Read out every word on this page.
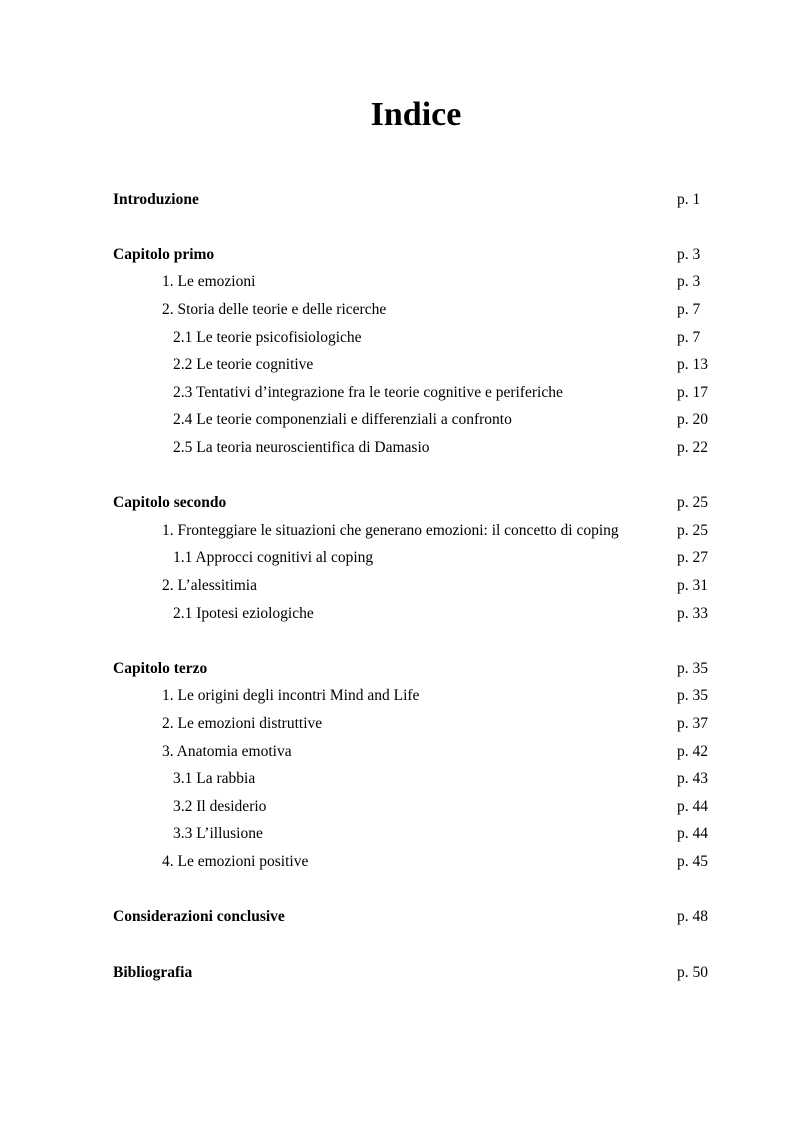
Indice
Introduzione	p. 1
Capitolo primo	p. 3
1. Le emozioni	p. 3
2. Storia delle teorie e delle ricerche	p. 7
2.1 Le teorie psicofisiologiche	p. 7
2.2 Le teorie cognitive	p. 13
2.3 Tentativi d’integrazione fra le teorie cognitive e periferiche	p. 17
2.4 Le teorie componenziali e differenziali a confronto	p. 20
2.5 La teoria neuroscientifica di Damasio	p. 22
Capitolo secondo	p. 25
1. Fronteggiare le situazioni che generano emozioni: il concetto di coping	p. 25
1.1 Approcci cognitivi al coping	p. 27
2. L’alessitimia	p. 31
2.1 Ipotesi eziologiche	p. 33
Capitolo terzo	p. 35
1. Le origini degli incontri Mind and Life	p. 35
2. Le emozioni distruttive	p. 37
3. Anatomia emotiva	p. 42
3.1 La rabbia	p. 43
3.2 Il desiderio	p. 44
3.3 L’illusione	p. 44
4. Le emozioni positive	p. 45
Considerazioni conclusive	p. 48
Bibliografia	p. 50
